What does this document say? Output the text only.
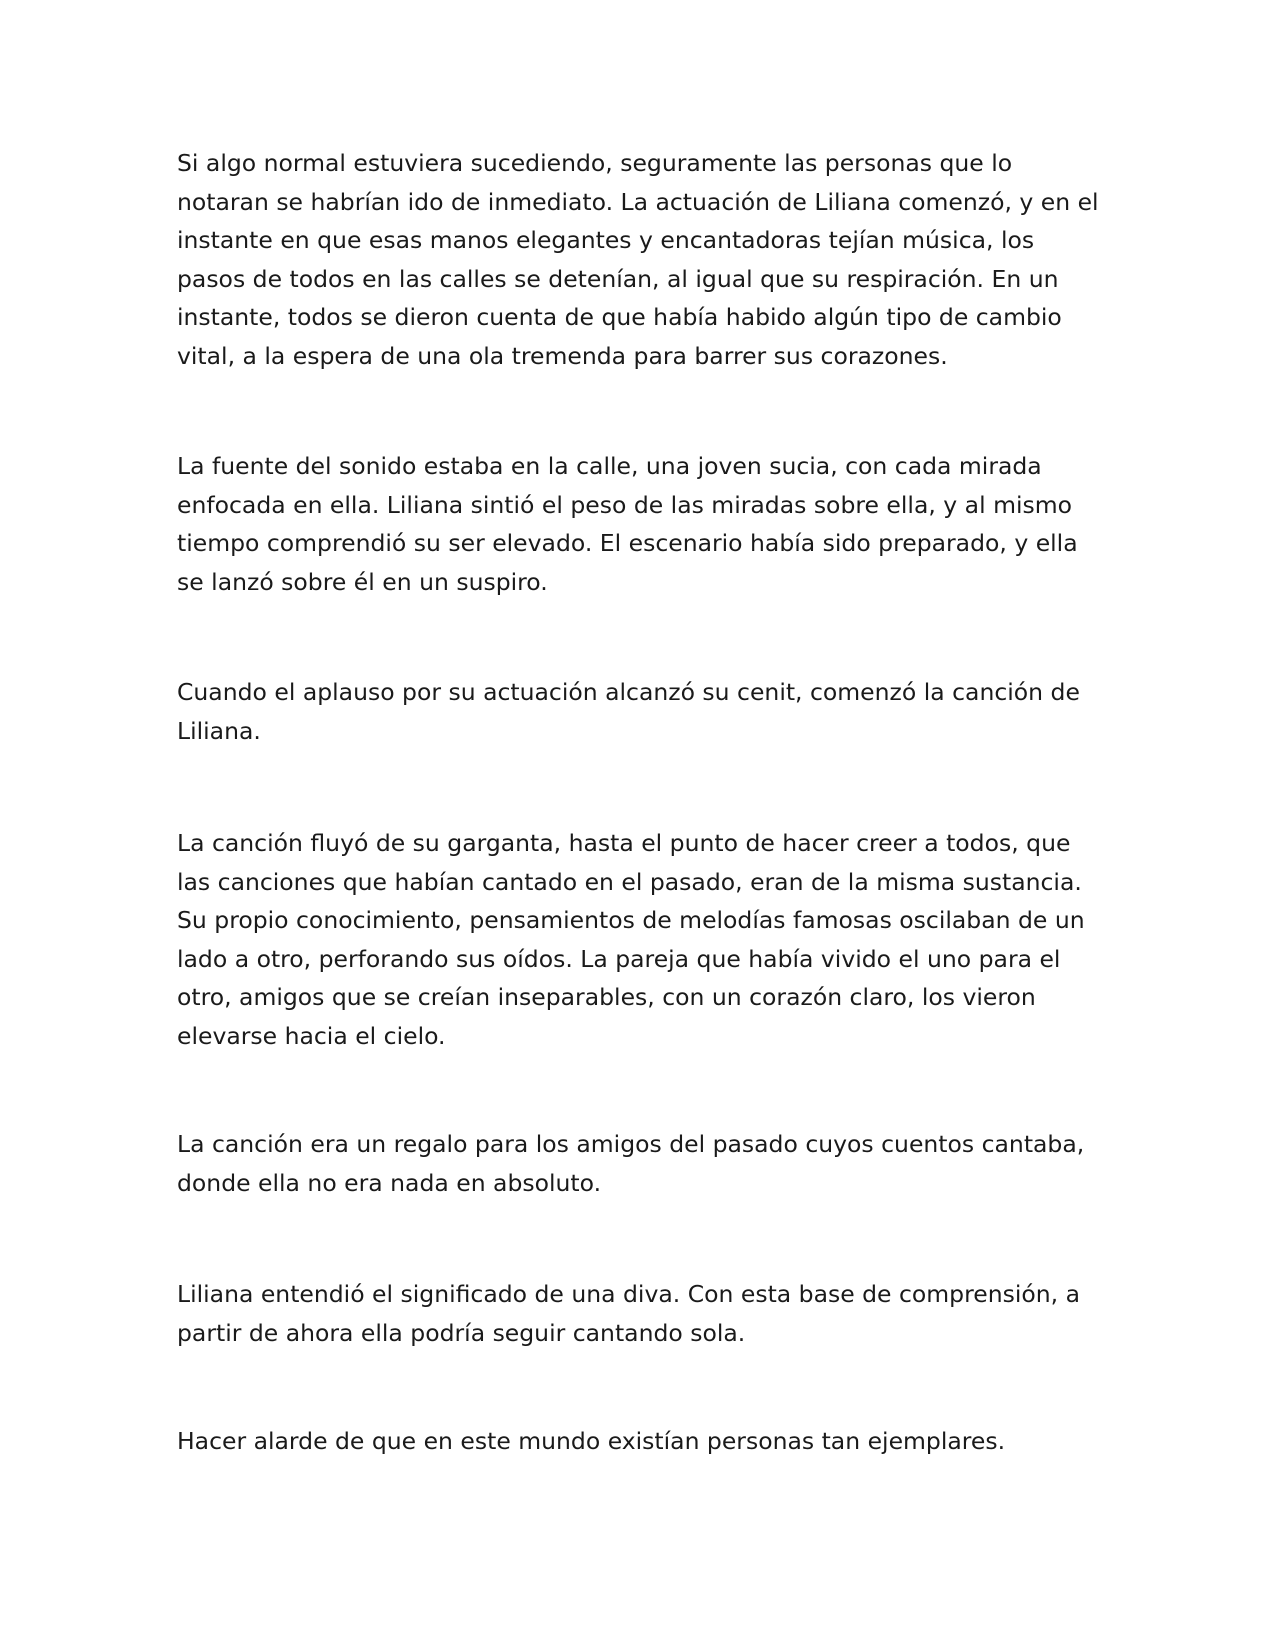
Si algo normal estuviera sucediendo, seguramente las personas que lo
notaran se habrían ido de inmediato. La actuación de Liliana comenzó, y en el
instante en que esas manos elegantes y encantadoras tejían música, los
pasos de todos en las calles se detenían, al igual que su respiración. En un
instante, todos se dieron cuenta de que había habido algún tipo de cambio
vital, a la espera de una ola tremenda para barrer sus corazones.

La fuente del sonido estaba en la calle, una joven sucia, con cada mirada
enfocada en ella. Liliana sintió el peso de las miradas sobre ella, y al mismo
tiempo comprendió su ser elevado. El escenario había sido preparado, y ella
se lanzó sobre él en un suspiro.

Cuando el aplauso por su actuación alcanzó su cenit, comenzó la canción de
Liliana.

La canción fluyó de su garganta, hasta el punto de hacer creer a todos, que
las canciones que habían cantado en el pasado, eran de la misma sustancia.
Su propio conocimiento, pensamientos de melodías famosas oscilaban de un
lado a otro, perforando sus oídos. La pareja que había vivido el uno para el
otro, amigos que se creían inseparables, con un corazón claro, los vieron
elevarse hacia el cielo.

La canción era un regalo para los amigos del pasado cuyos cuentos cantaba,
donde ella no era nada en absoluto.

Liliana entendió el significado de una diva. Con esta base de comprensión, a
partir de ahora ella podría seguir cantando sola.

Hacer alarde de que en este mundo existían personas tan ejemplares.
